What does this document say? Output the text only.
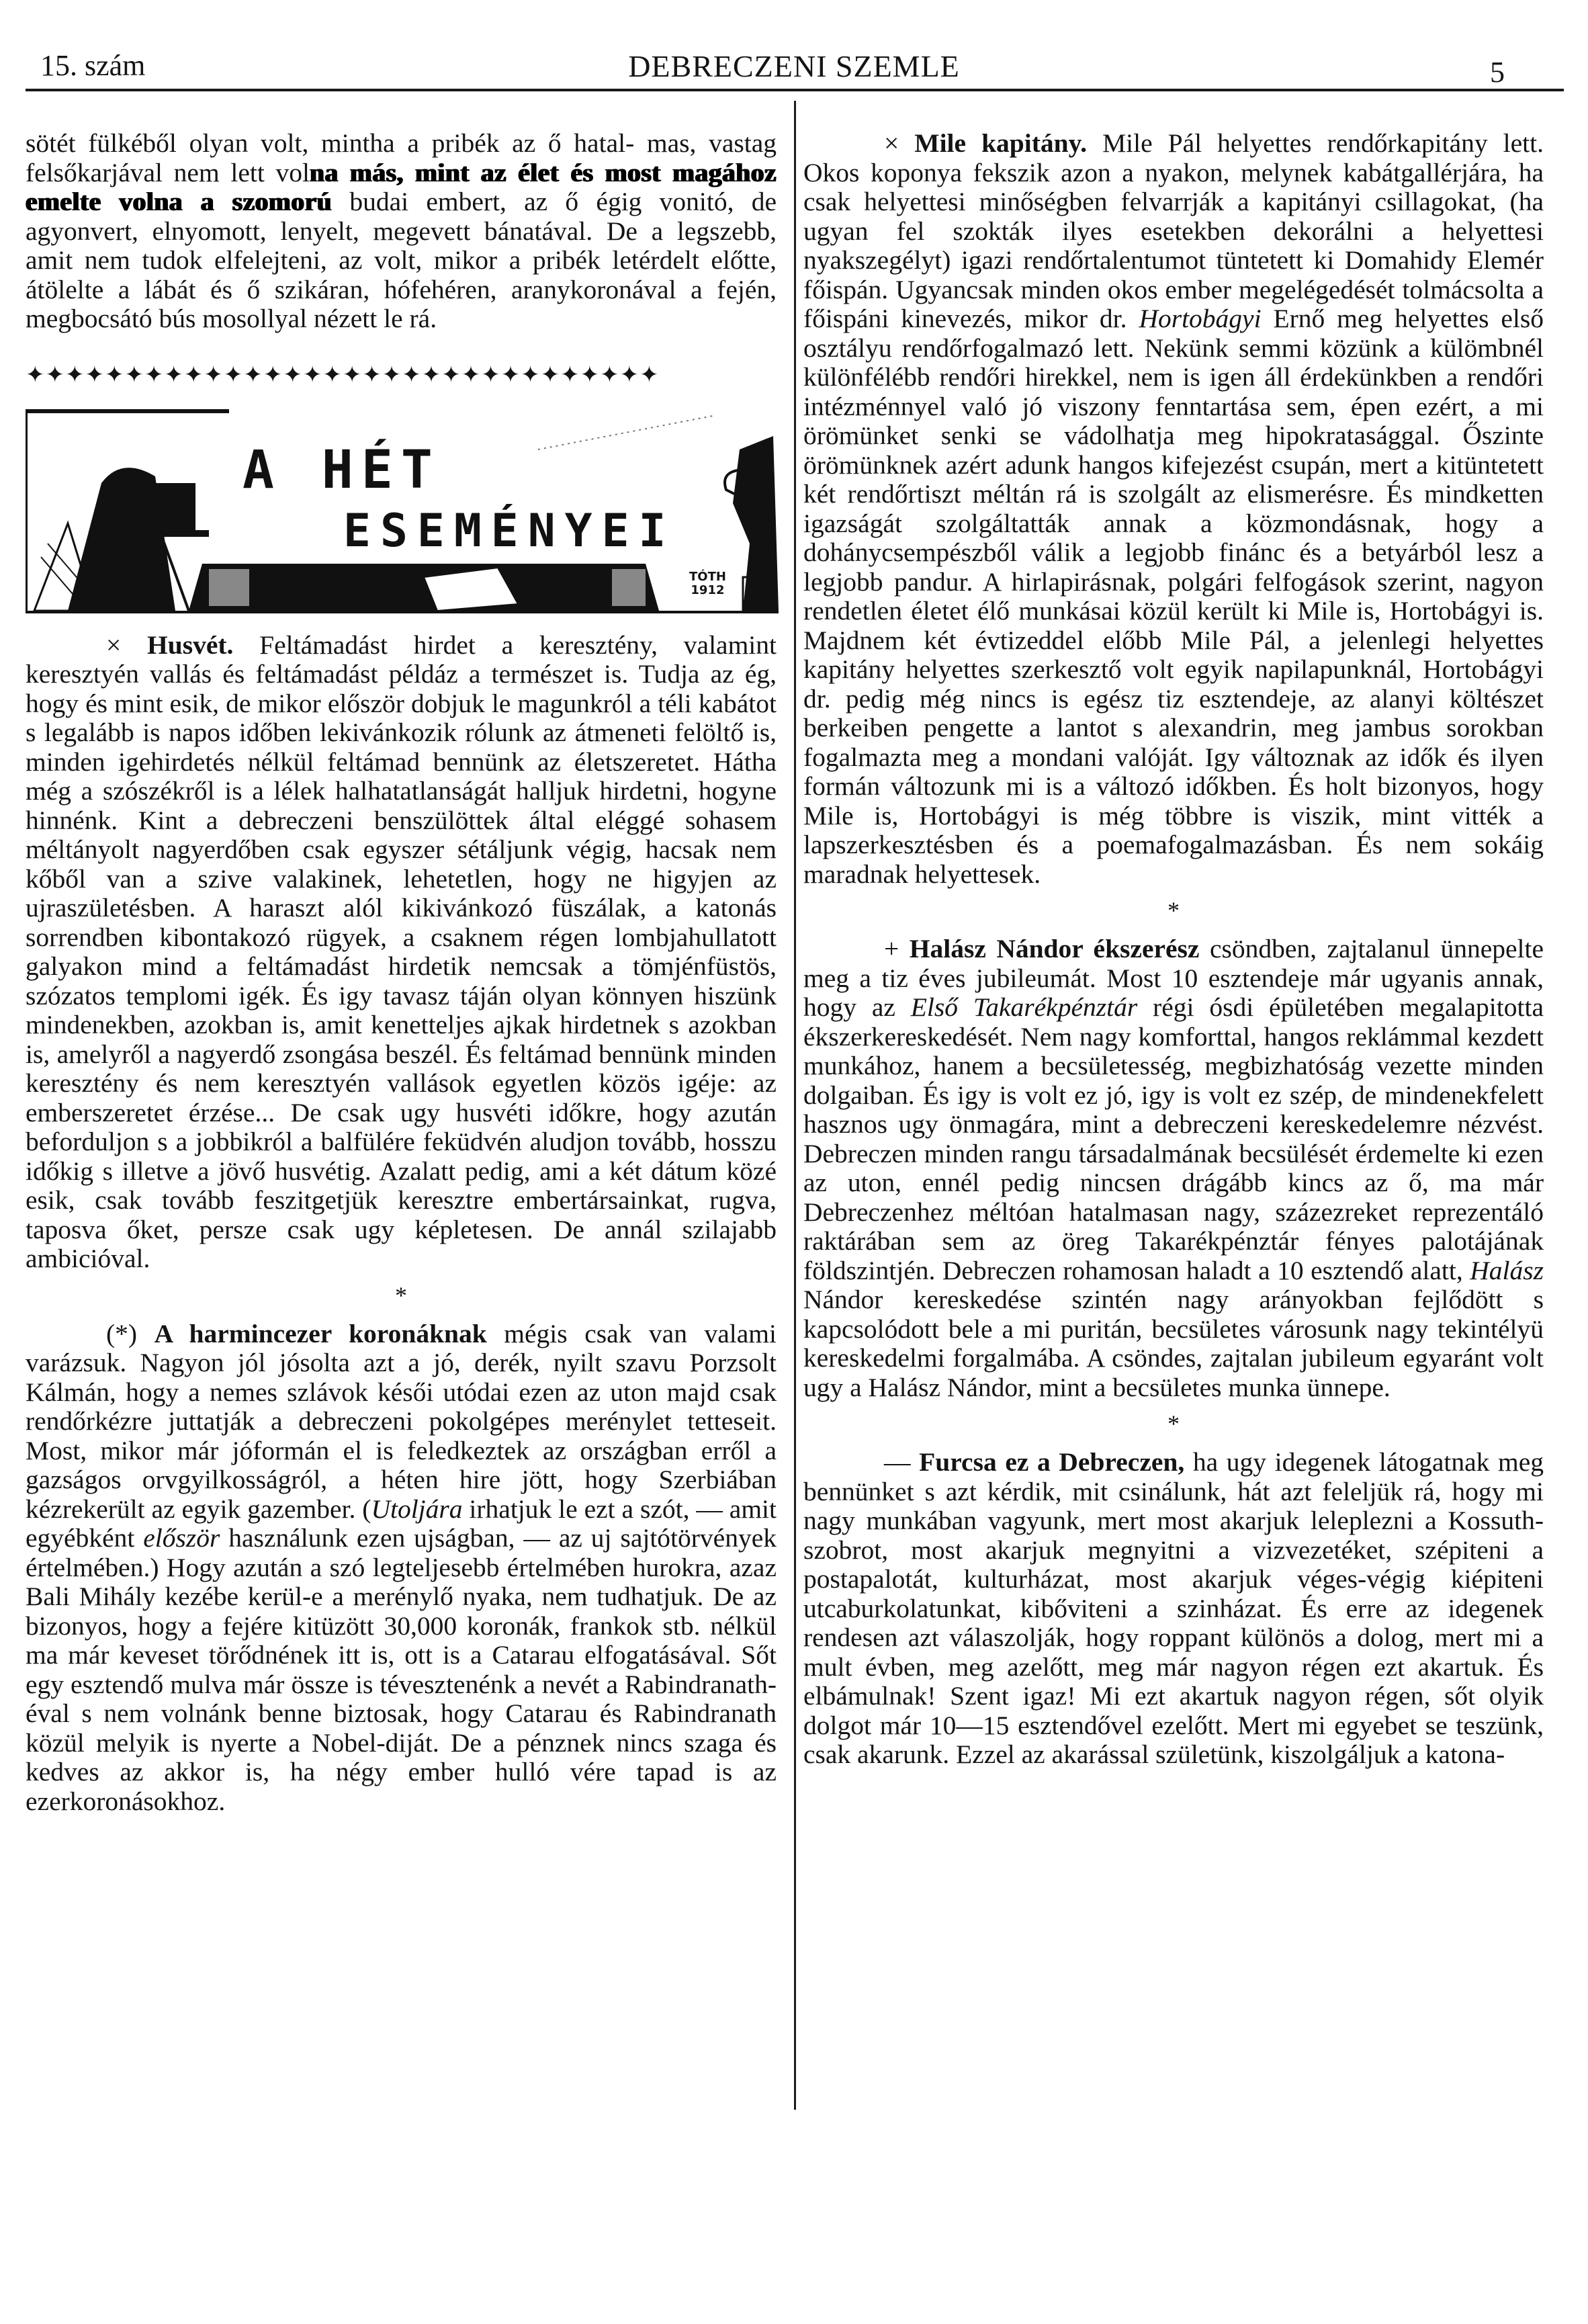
15. szám	DEBRECZENI SZEMLE	5

sötét fülkéből olyan volt, mintha a pribék az ő hatal- mas, vastag felsőkarjával nem lett volna más, mint az élet és most magához emelte volna a szomorú budai embert, az ő égig vonitó, de agyonvert, elnyomott, lenyelt, megevett bánatával. De a legszebb, amit nem tudok elfelejteni, az volt, mikor a pribék letérdelt előtte, átölelte a lábát és ő szikáran, hófehéren, aranykoronával a fején, megbocsátó bús mosollyal nézett le rá.

✦✦✦✦✦✦✦✦✦✦✦✦✦✦✦✦✦✦✦✦✦✦✦✦✦✦✦✦✦✦✦✦
A HÉT
ESEMÉNYEI
TÓTH
1912

× Husvét. Feltámadást hirdet a keresztény, valamint keresztyén vallás és feltámadást példáz a természet is. Tudja az ég, hogy és mint esik, de mikor először dobjuk le magunkról a téli kabátot s legalább is napos időben lekivánkozik rólunk az átmeneti felöltő is, minden igehirdetés nélkül feltámad bennünk az életszeretet. Hátha még a szószékről is a lélek halhatatlanságát halljuk hirdetni, hogyne hinnénk. Kint a debreczeni benszülöttek által eléggé sohasem méltányolt nagyerdőben csak egyszer sétáljunk végig, hacsak nem kőből van a szive valakinek, lehetetlen, hogy ne higyjen az ujraszületésben. A haraszt alól kikivánkozó füszálak, a katonás sorrendben kibontakozó rügyek, a csaknem régen lombjahullatott galyakon mind a feltámadást hirdetik nemcsak a tömjénfüstös, szózatos templomi igék. És igy tavasz táján olyan könnyen hiszünk mindenekben, azokban is, amit kenetteljes ajkak hirdetnek s azokban is, amelyről a nagyerdő zsongása beszél. És feltámad bennünk minden keresztény és nem keresztyén vallások egyetlen közös igéje: az emberszeretet érzése... De csak ugy husvéti időkre, hogy azután beforduljon s a jobbikról a balfülére feküdvén aludjon tovább, hosszu időkig s illetve a jövő husvétig. Azalatt pedig, ami a két dátum közé esik, csak tovább feszitgetjük keresztre embertársainkat, rugva, taposva őket, persze csak ugy képletesen. De annál szilajabb ambicióval.

*

(*) A harmincezer koronáknak mégis csak van valami varázsuk. Nagyon jól jósolta azt a jó, derék, nyilt szavu Porzsolt Kálmán, hogy a nemes szlávok késői utódai ezen az uton majd csak rendőrkézre juttatják a debreczeni pokolgépes merénylet tetteseit. Most, mikor már jóformán el is feledkeztek az országban erről a gazságos orvgyilkosságról, a héten hire jött, hogy Szerbiában kézrekerült az egyik gazember. (Utoljára irhatjuk le ezt a szót, — amit egyébként először használunk ezen ujságban, — az uj sajtótörvények értelmében.) Hogy azután a szó legteljesebb értelmében hurokra, azaz Bali Mihály kezébe kerül-e a merénylő nyaka, nem tudhatjuk. De az bizonyos, hogy a fejére kitüzött 30,000 koronák, frankok stb. nélkül ma már keveset törődnének itt is, ott is a Catarau elfogatásával. Sőt egy esztendő mulva már össze is tévesztenénk a nevét a Rabindranath-éval s nem volnánk benne biztosak, hogy Catarau és Rabindranath közül melyik is nyerte a Nobel-diját. De a pénznek nincs szaga és kedves az akkor is, ha négy ember hulló vére tapad is az ezerkoronásokhoz.

× Mile kapitány. Mile Pál helyettes rendőrkapitány lett. Okos koponya fekszik azon a nyakon, melynek kabátgallérjára, ha csak helyettesi minőségben felvarrják a kapitányi csillagokat, (ha ugyan fel szokták ilyes esetekben dekorálni a helyettesi nyakszegélyt) igazi rendőrtalentumot tüntetett ki Domahidy Elemér főispán. Ugyancsak minden okos ember megelégedését tolmácsolta a főispáni kinevezés, mikor dr. Hortobágyi Ernő meg helyettes első osztályu rendőrfogalmazó lett. Nekünk semmi közünk a külömbnél különfélébb rendőri hirekkel, nem is igen áll érdekünkben a rendőri intézménnyel való jó viszony fenntartása sem, épen ezért, a mi örömünket senki se vádolhatja meg hipokratasággal. Őszinte örömünknek azért adunk hangos kifejezést csupán, mert a kitüntetett két rendőrtiszt méltán rá is szolgált az elismerésre. És mindketten igazságát szolgáltatták annak a közmondásnak, hogy a dohánycsempészből válik a legjobb finánc és a betyárból lesz a legjobb pandur. A hirlapirásnak, polgári felfogások szerint, nagyon rendetlen életet élő munkásai közül került ki Mile is, Hortobágyi is. Majdnem két évtizeddel előbb Mile Pál, a jelenlegi helyettes kapitány helyettes szerkesztő volt egyik napilapunknál, Hortobágyi dr. pedig még nincs is egész tiz esztendeje, az alanyi költészet berkeiben pengette a lantot s alexandrin, meg jambus sorokban fogalmazta meg a mondani valóját. Igy változnak az idők és ilyen formán változunk mi is a változó időkben. És holt bizonyos, hogy Mile is, Hortobágyi is még többre is viszik, mint vitték a lapszerkesztésben és a poemafogalmazásban. És nem sokáig maradnak helyettesek.

*

+ Halász Nándor ékszerész csöndben, zajtalanul ünnepelte meg a tiz éves jubileumát. Most 10 esztendeje már ugyanis annak, hogy az Első Takarékpénztár régi ósdi épületében megalapitotta ékszerkereskedését. Nem nagy komforttal, hangos reklámmal kezdett munkához, hanem a becsületesség, megbizhatóság vezette minden dolgaiban. És igy is volt ez jó, igy is volt ez szép, de mindenekfelett hasznos ugy önmagára, mint a debreczeni kereskedelemre nézvést. Debreczen minden rangu társadalmának becsülését érdemelte ki ezen az uton, ennél pedig nincsen drágább kincs az ő, ma már Debreczenhez méltóan hatalmasan nagy, százezreket reprezentáló raktárában sem az öreg Takarékpénztár fényes palotájának földszintjén. Debreczen rohamosan haladt a 10 esztendő alatt, Halász Nándor kereskedése szintén nagy arányokban fejlődött s kapcsolódott bele a mi puritán, becsületes városunk nagy tekintélyü kereskedelmi forgalmába. A csöndes, zajtalan jubileum egyaránt volt ugy a Halász Nándor, mint a becsületes munka ünnepe.

*

— Furcsa ez a Debreczen, ha ugy idegenek látogatnak meg bennünket s azt kérdik, mit csinálunk, hát azt feleljük rá, hogy mi nagy munkában vagyunk, mert most akarjuk leleplezni a Kossuth-szobrot, most akarjuk megnyitni a vizvezetéket, szépiteni a postapalotát, kulturházat, most akarjuk véges-végig kiépiteni utcaburkolatunkat, kibőviteni a szinházat. És erre az idegenek rendesen azt válaszolják, hogy roppant különös a dolog, mert mi a mult évben, meg azelőtt, meg már nagyon régen ezt akartuk. És elbámulnak! Szent igaz! Mi ezt akartuk nagyon régen, sőt olyik dolgot már 10—15 esztendővel ezelőtt. Mert mi egyebet se teszünk, csak akarunk. Ezzel az akarással születünk, kiszolgáljuk a katona-
